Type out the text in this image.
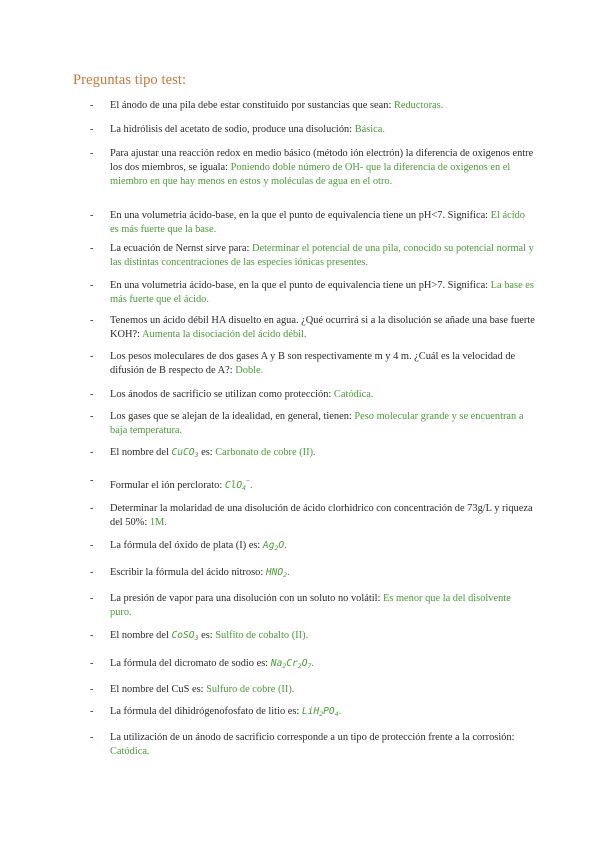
Preguntas tipo test:
- El ánodo de una pila debe estar constituido por sustancias que sean: Reductoras.
- La hidrólisis del acetato de sodio, produce una disolución: Básica.
- Para ajustar una reacción redox en medio básico (método ión electrón) la diferencia de oxigenos entre los dos miembros, se iguala: Poniendo doble número de OH- que la diferencia de oxigenos en el miembro en que hay menos en estos y moléculas de agua en el otro.
- En una volumetria ácido-base, en la que el punto de equivalencia tiene un pH<7. Significa: El ácido es más fuerte que la base.
- La ecuación de Nernst sirve para: Determinar el potencial de una pila, conocido su potencial normal y las distintas concentraciones de las especies iónicas presentes.
- En una volumetria ácido-base, en la que el punto de equivalencia tiene un pH>7. Significa: La base es más fuerte que el ácido.
- Tenemos un ácido débil HA disuelto en agua. ¿Qué ocurrirá si a la disolución se añade una base fuerte KOH?: Aumenta la disociación del ácido débil.
- Los pesos moleculares de dos gases A y B son respectivamente m y 4 m. ¿Cuál es la velocidad de difusión de B respecto de A?: Doble.
- Los ánodos de sacrificio se utilizan como protección: Catódica.
- Los gases que se alejan de la idealidad, en general, tienen: Peso molecular grande y se encuentran a baja temperatura.
- El nombre del CuCO$_3$ es: Carbonato de cobre (II).
- Formular el ión perclorato: ClO$_4$−.
- Determinar la molaridad de una disolución de ácido clorhidrico con concentración de 73g/L y riqueza del 50%: 1M.
- La fórmula del óxido de plata (I) es: $Ag_2O$.
- Escribir la fórmula del ácido nitroso: $HNO_2$.
- La presión de vapor para una disolución con un soluto no volátil: Es menor que la del disolvente puro.
- El nombre del CoSO$_3$ es: Sulfito de cobalto (II).
- La fórmula del dicromato de sodio es: $Na_2Cr_2O_7$.
- El nombre del CuS es: Sulfuro de cobre (II).
- La fórmula del dihidrógenofosfato de litio es: $LiH_2PO_4$.
- La utilización de un ánodo de sacrificio corresponde a un tipo de protección frente a la corrosión: Catódica.
